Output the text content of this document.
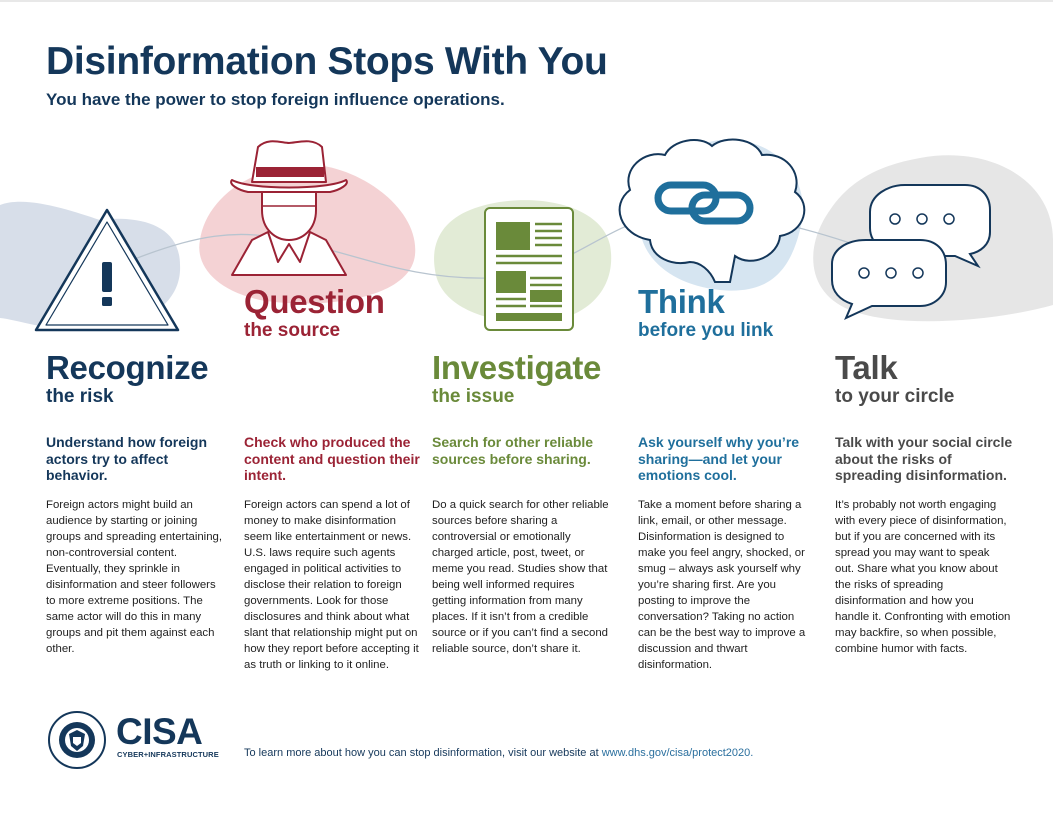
Disinformation Stops With You

You have the power to stop foreign influence operations.

Recognize
the risk
Question
the source
Investigate
the issue
Think
before you link
Talk
to your circle

Understand how foreign actors try to affect behavior.

Check who produced the content and question their intent.

Search for other reliable sources before sharing.

Ask yourself why you’re sharing—and let your emotions cool.

Talk with your social circle about the risks of spreading disinformation.

Foreign actors might build an audience by starting or joining groups and spreading entertaining, non-controversial content. Eventually, they sprinkle in disinformation and steer followers to more extreme positions. The same actor will do this in many groups and pit them against each other.

Foreign actors can spend a lot of money to make disinformation seem like entertainment or news. U.S. laws require such agents engaged in political activities to disclose their relation to foreign governments. Look for those disclosures and think about what slant that relationship might put on how they report before accepting it as truth or linking to it online.

Do a quick search for other reliable sources before sharing a controversial or emotionally charged article, post, tweet, or meme you read. Studies show that being well informed requires getting information from many places. If it isn’t from a credible source or if you can’t find a second reliable source, don’t share it.

Take a moment before sharing a link, email, or other message. Disinformation is designed to make you feel angry, shocked, or smug – always ask yourself why you’re sharing first. Are you posting to improve the conversation? Taking no action can be the best way to improve a discussion and thwart disinformation.

It’s probably not worth engaging with every piece of disinformation, but if you are concerned with its spread you may want to speak out. Share what you know about the risks of spreading disinformation and how you handle it. Confronting with emotion may backfire, so when possible, combine humor with facts.

CISA

CYBER+INFRASTRUCTURE To learn more about how you can stop disinformation, visit our website at www.dhs.gov/cisa/protect2020.
